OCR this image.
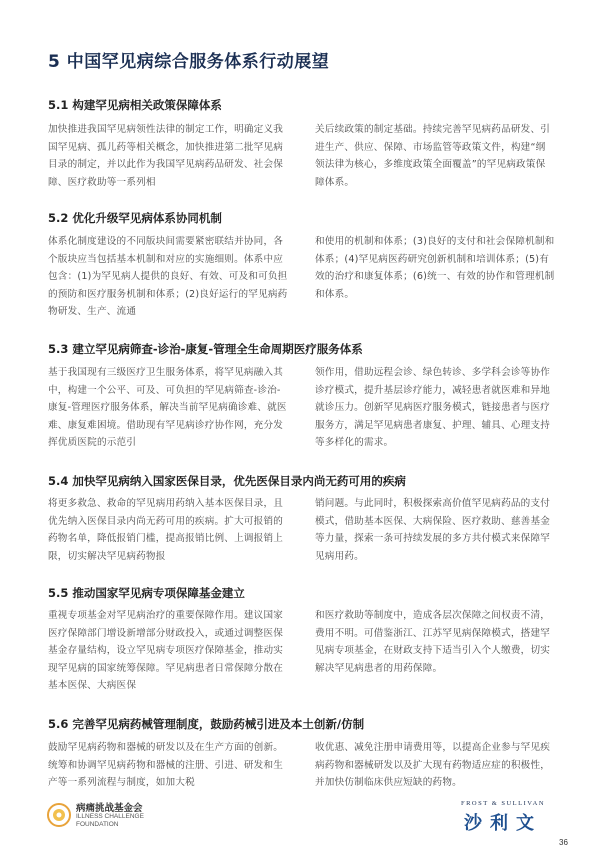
5 中国罕见病综合服务体系行动展望
5.1 构建罕见病相关政策保障体系

加快推进我国罕见病领性法律的制定工作，明确定义我国罕见病、孤儿药等相关概念，加快推进第二批罕见病目录的制定，并以此作为我国罕见病药品研发、社会保障、医疗救助等一系列相

关后续政策的制定基础。持续完善罕见病药品研发、引进生产、供应、保障、市场监管等政策文件，构建“纲领法律为核心，多维度政策全面覆盖”的罕见病政策保障体系。

5.2 优化升级罕见病体系协同机制

体系化制度建设的不同版块间需要紧密联结并协同，各个版块应当包括基本机制和对应的实施细则。体系中应包含：(1)为罕见病人提供的良好、有效、可及和可负担的预防和医疗服务机制和体系；(2)良好运行的罕见病药物研发、生产、流通

和使用的机制和体系；(3)良好的支付和社会保障机制和体系；(4)罕见病医药研究创新机制和培训体系；(5)有效的治疗和康复体系；(6)统一、有效的协作和管理机制和体系。

5.3 建立罕见病筛查-诊治-康复-管理全生命周期医疗服务体系

基于我国现有三级医疗卫生服务体系，将罕见病融入其中，构建一个公平、可及、可负担的罕见病筛查-诊治-康复-管理医疗服务体系，解决当前罕见病确诊难、就医难、康复难困境。借助现有罕见病诊疗协作网，充分发挥优质医院的示范引

领作用，借助远程会诊、绿色转诊、多学科会诊等协作诊疗模式，提升基层诊疗能力，减轻患者就医难和异地就诊压力。创新罕见病医疗服务模式，链接患者与医疗服务方，满足罕见病患者康复、护理、辅具、心理支持等多样化的需求。

5.4 加快罕见病纳入国家医保目录，优先医保目录内尚无药可用的疾病

将更多救急、救命的罕见病用药纳入基本医保目录，且优先纳入医保目录内尚无药可用的疾病。扩大可报销的药物名单，降低报销门槛，提高报销比例、上调报销上限，切实解决罕见病药物报

销问题。与此同时，积极探索高价值罕见病药品的支付模式，借助基本医保、大病保险、医疗救助、慈善基金等力量，探索一条可持续发展的多方共付模式来保障罕见病用药。

5.5 推动国家罕见病专项保障基金建立

重视专项基金对罕见病治疗的重要保障作用。建议国家医疗保障部门增设新增部分财政投入，或通过调整医保基金存量结构，设立罕见病专项医疗保障基金，推动实现罕见病的国家统筹保障。罕见病患者日常保障分散在基本医保、大病医保

和医疗救助等制度中，造成各层次保障之间权责不清，费用不明。可借鉴浙江、江苏罕见病保障模式，搭建罕见病专项基金，在财政支持下适当引入个人缴费，切实解决罕见病患者的用药保障。

5.6 完善罕见病药械管理制度，鼓励药械引进及本土创新/仿制

鼓励罕见病药物和器械的研发以及在生产方面的创新。统筹和协调罕见病药物和器械的注册、引进、研发和生产等一系列流程与制度，如加大税

收优惠、减免注册申请费用等，以提高企业参与罕见疾病药物和器械研发以及扩大现有药物适应症的积极性，并加快仿制临床供应短缺的药物。

病痛挑战基金会
ILLNESS CHALLENGE
FOUNDATION
FROST & SULLIVAN
沙利文
36
